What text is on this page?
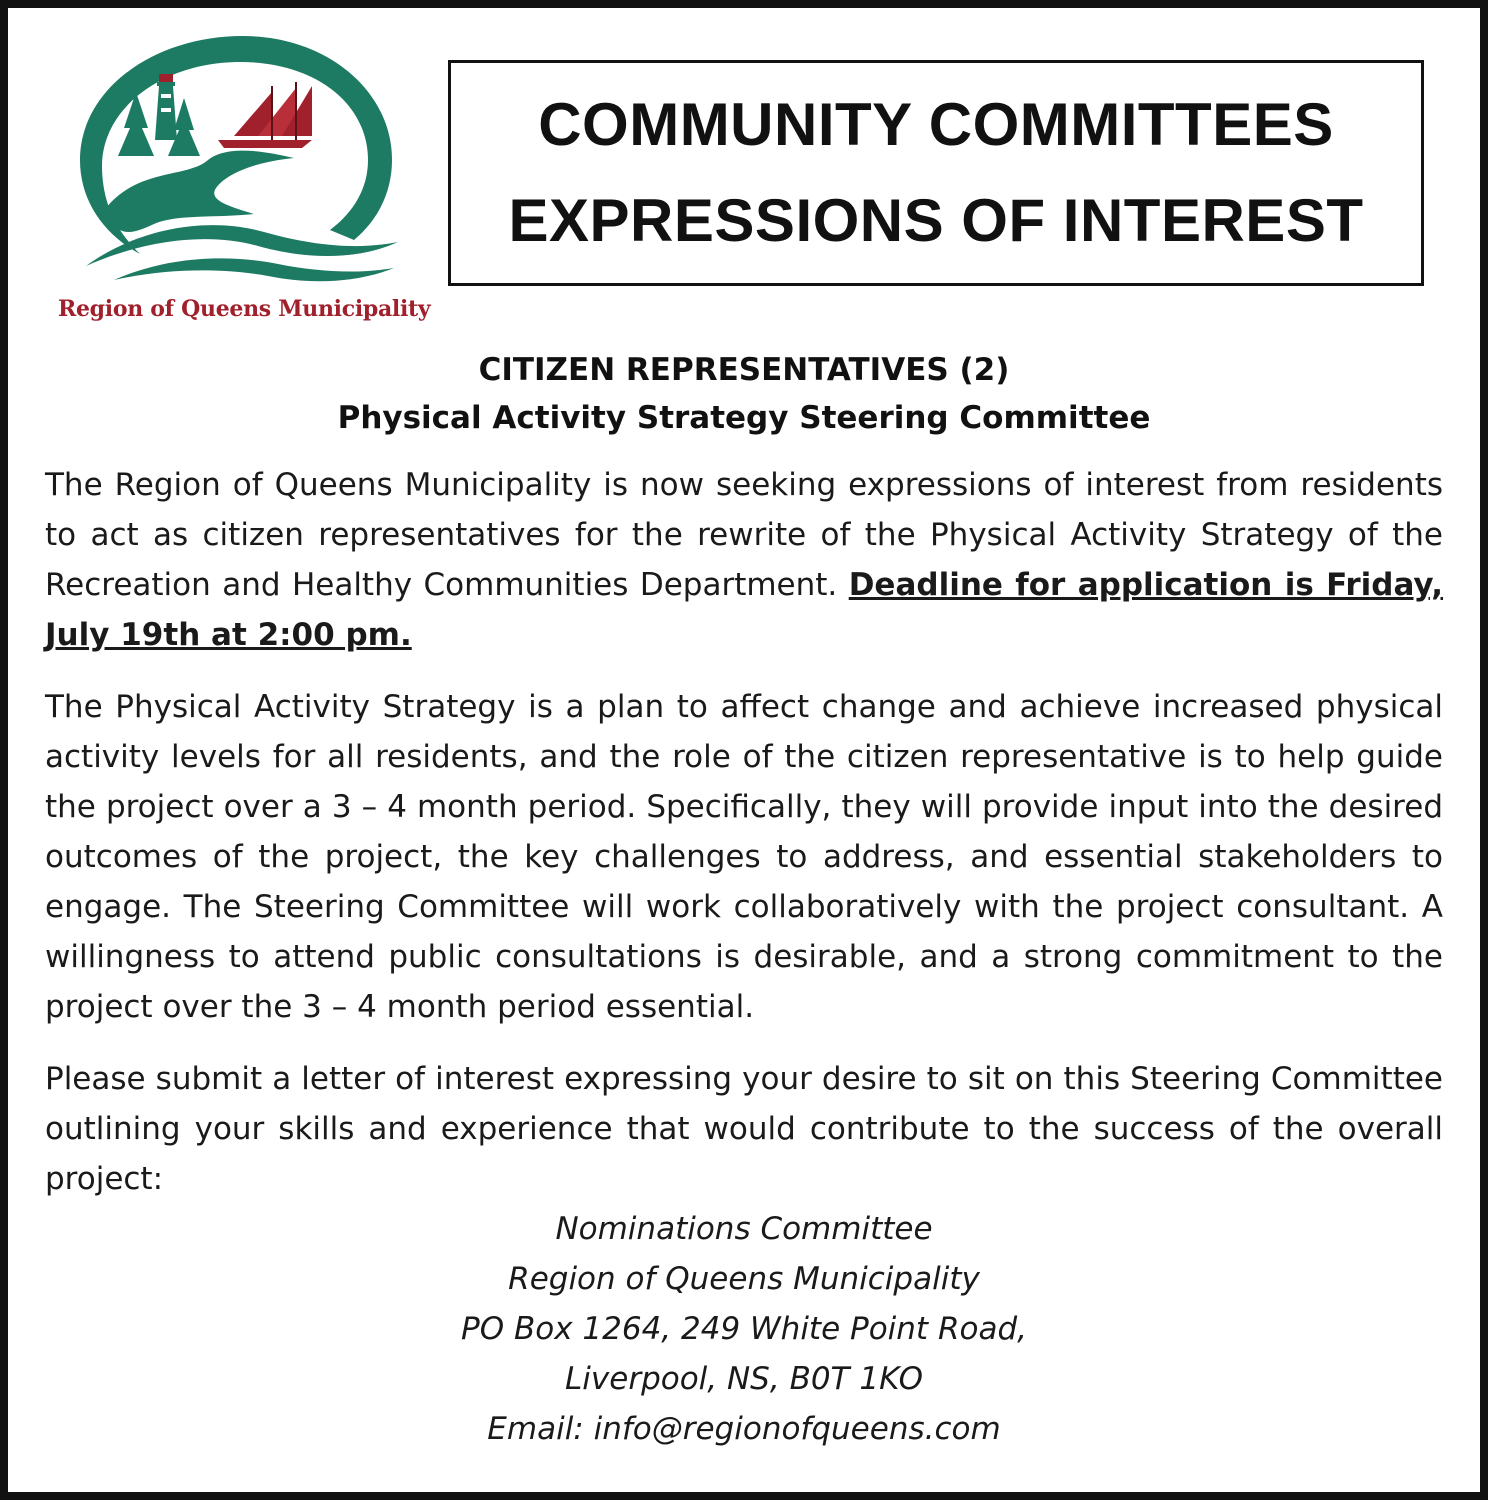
Region of Queens Municipality
COMMUNITY COMMITTEES
EXPRESSIONS OF INTEREST
CITIZEN REPRESENTATIVES (2)
Physical Activity Strategy Steering Committee

The Region of Queens Municipality is now seeking expressions of interest from residents to act as citizen representatives for the rewrite of the Physical Activity Strategy of the Recreation and Healthy Communities Department. Deadline for application is Friday, July 19th at 2:00 pm.

The Physical Activity Strategy is a plan to affect change and achieve increased physical activity levels for all residents, and the role of the citizen representative is to help guide the project over a 3 – 4 month period. Specifically, they will provide input into the desired outcomes of the project, the key challenges to address, and essential stakeholders to engage. The Steering Committee will work collaboratively with the project consultant. A willingness to attend public consultations is desirable, and a strong commitment to the project over the 3 – 4 month period essential.

Please submit a letter of interest expressing your desire to sit on this Steering Committee outlining your skills and experience that would contribute to the success of the overall project:

Nominations Committee
Region of Queens Municipality
PO Box 1264, 249 White Point Road,
Liverpool, NS, B0T 1KO
Email: info@regionofqueens.com
